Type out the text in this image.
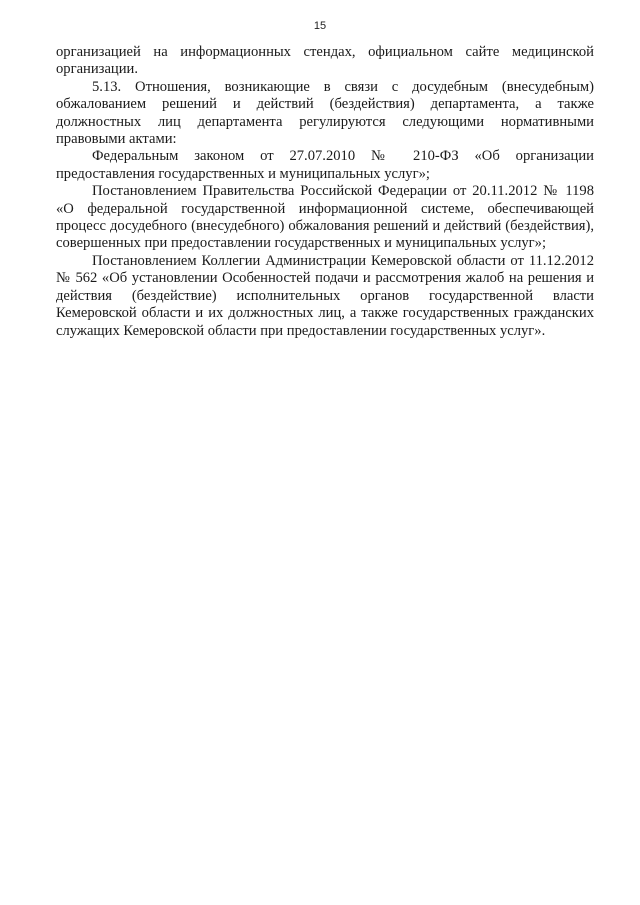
15

организацией на информационных стендах, официальном сайте медицинской организации.

5.13. Отношения, возникающие в связи с досудебным (внесудебным) обжалованием решений и действий (бездействия) департамента, а также должностных лиц департамента регулируются следующими нормативными правовыми актами:

Федеральным законом от 27.07.2010 № 210-ФЗ «Об организации предоставления государственных и муниципальных услуг»;

Постановлением Правительства Российской Федерации от 20.11.2012 № 1198 «О федеральной государственной информационной системе, обеспечивающей процесс досудебного (внесудебного) обжалования решений и действий (бездействия), совершенных при предоставлении государственных и муниципальных услуг»;

Постановлением Коллегии Администрации Кемеровской области от 11.12.2012 № 562 «Об установлении Особенностей подачи и рассмотрения жалоб на решения и действия (бездействие) исполнительных органов государственной власти Кемеровской области и их должностных лиц, а также государственных гражданских служащих Кемеровской области при предоставлении государственных услуг».
